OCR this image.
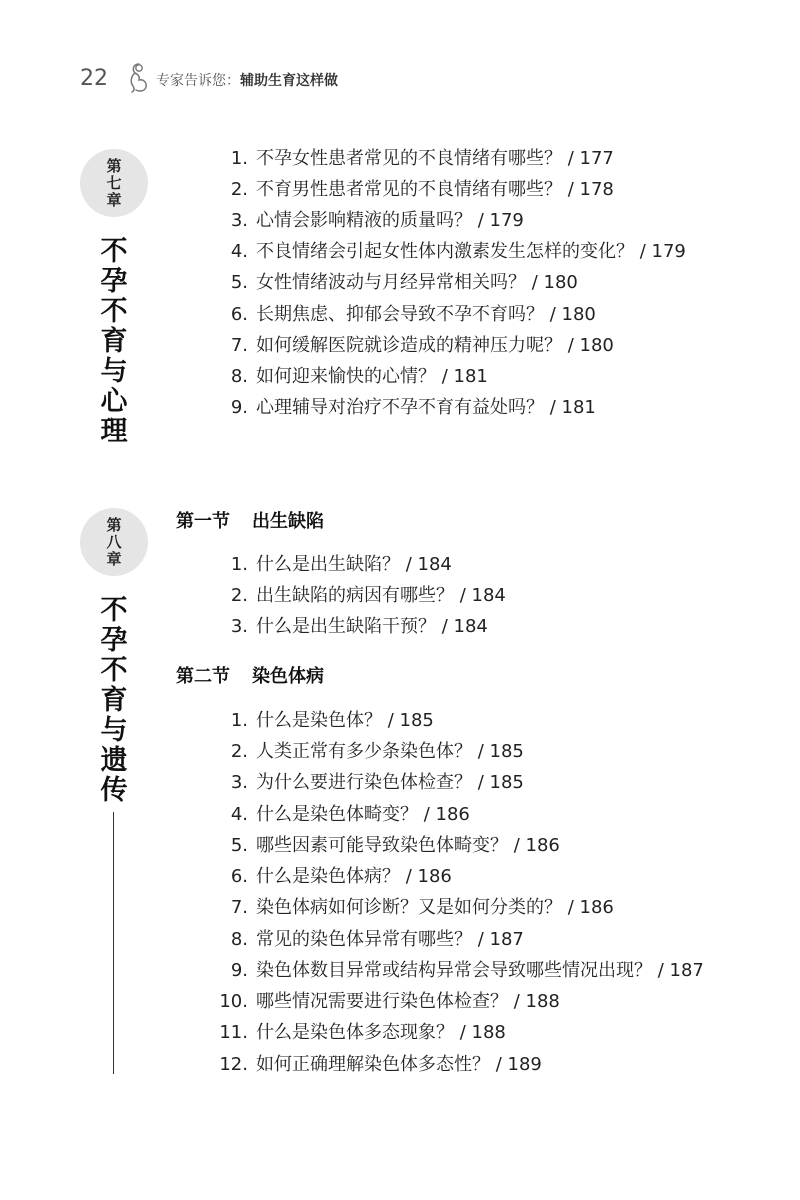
22	专家告诉您：辅助生育这样做
第
七
章
不
孕
不
育
与
心
理
1. 不孕女性患者常见的不良情绪有哪些？ / 177
2. 不育男性患者常见的不良情绪有哪些？ / 178
3. 心情会影响精液的质量吗？ / 179
4. 不良情绪会引起女性体内激素发生怎样的变化？ / 179
5. 女性情绪波动与月经异常相关吗？ / 180
6. 长期焦虑、抑郁会导致不孕不育吗？ / 180
7. 如何缓解医院就诊造成的精神压力呢？ / 180
8. 如何迎来愉快的心情？ / 181
9. 心理辅导对治疗不孕不育有益处吗？ / 181
第
八
章
不
孕
不
育
与
遗
传
第一节 出生缺陷
1. 什么是出生缺陷？ / 184
2. 出生缺陷的病因有哪些？ / 184
3. 什么是出生缺陷干预？ / 184
第二节 染色体病
1. 什么是染色体？ / 185
2. 人类正常有多少条染色体？ / 185
3. 为什么要进行染色体检查？ / 185
4. 什么是染色体畸变？ / 186
5. 哪些因素可能导致染色体畸变？ / 186
6. 什么是染色体病？ / 186
7. 染色体病如何诊断？又是如何分类的？ / 186
8. 常见的染色体异常有哪些？ / 187
9. 染色体数目异常或结构异常会导致哪些情况出现？ / 187
10. 哪些情况需要进行染色体检查？ / 188
11. 什么是染色体多态现象？ / 188
12. 如何正确理解染色体多态性？ / 189
